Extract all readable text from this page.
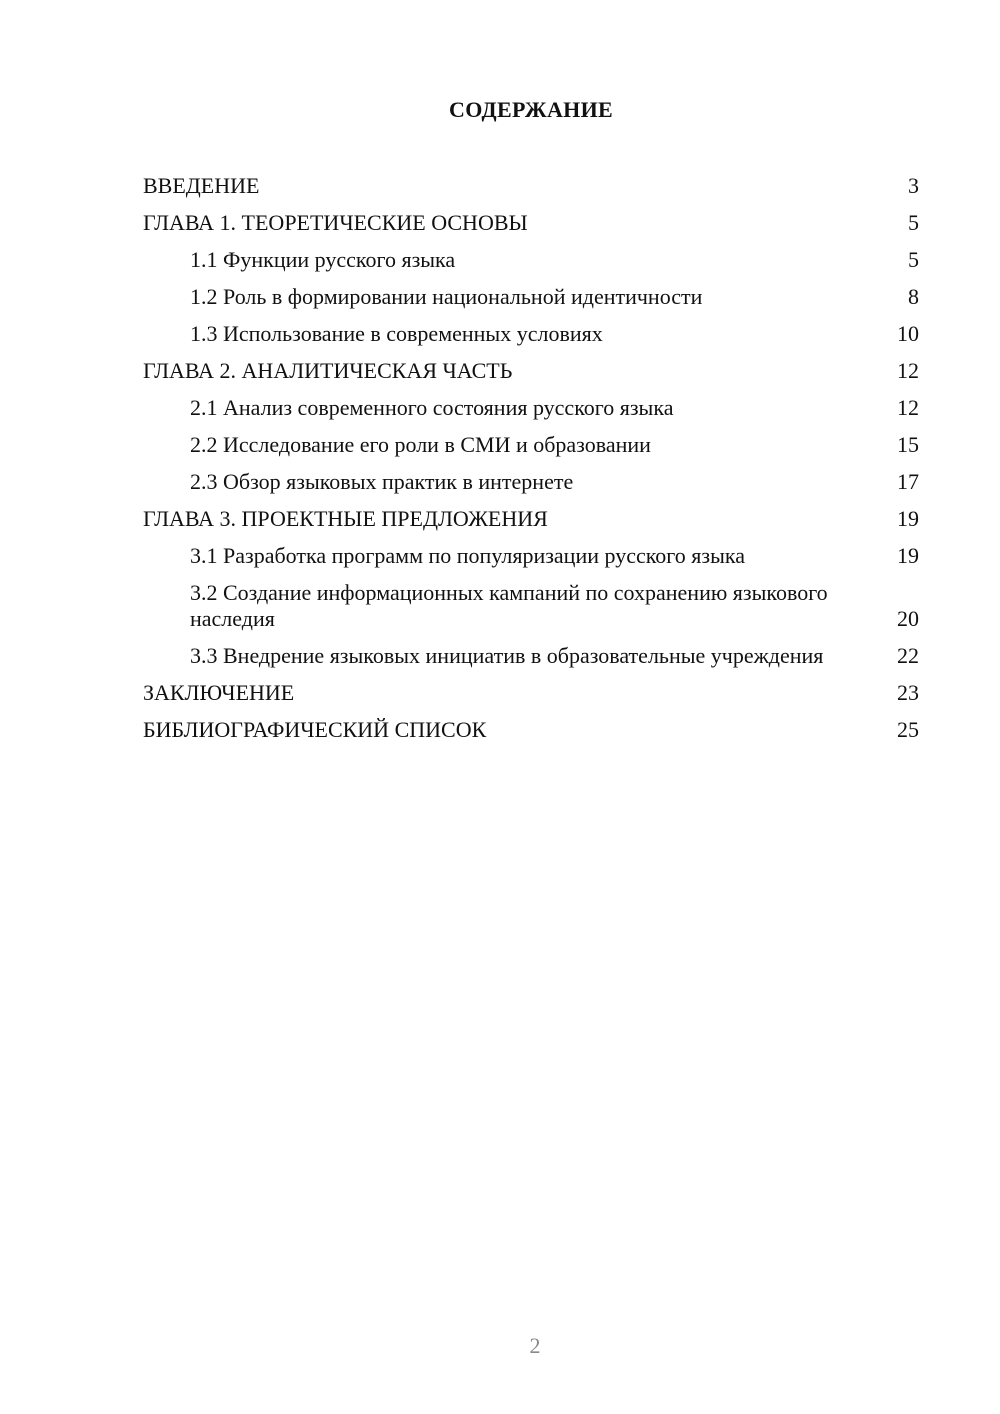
СОДЕРЖАНИЕ
ВВЕДЕНИЕ	3
ГЛАВА 1. ТЕОРЕТИЧЕСКИЕ ОСНОВЫ	5
1.1 Функции русского языка	5
1.2 Роль в формировании национальной идентичности	8
1.3 Использование в современных условиях	10
ГЛАВА 2. АНАЛИТИЧЕСКАЯ ЧАСТЬ	12
2.1 Анализ современного состояния русского языка	12
2.2 Исследование его роли в СМИ и образовании	15
2.3 Обзор языковых практик в интернете	17
ГЛАВА 3. ПРОЕКТНЫЕ ПРЕДЛОЖЕНИЯ	19
3.1 Разработка программ по популяризации русского языка	19
3.2 Создание информационных кампаний по сохранению языкового наследия	20
3.3 Внедрение языковых инициатив в образовательные учреждения	22
ЗАКЛЮЧЕНИЕ	23
БИБЛИОГРАФИЧЕСКИЙ СПИСОК	25
2
